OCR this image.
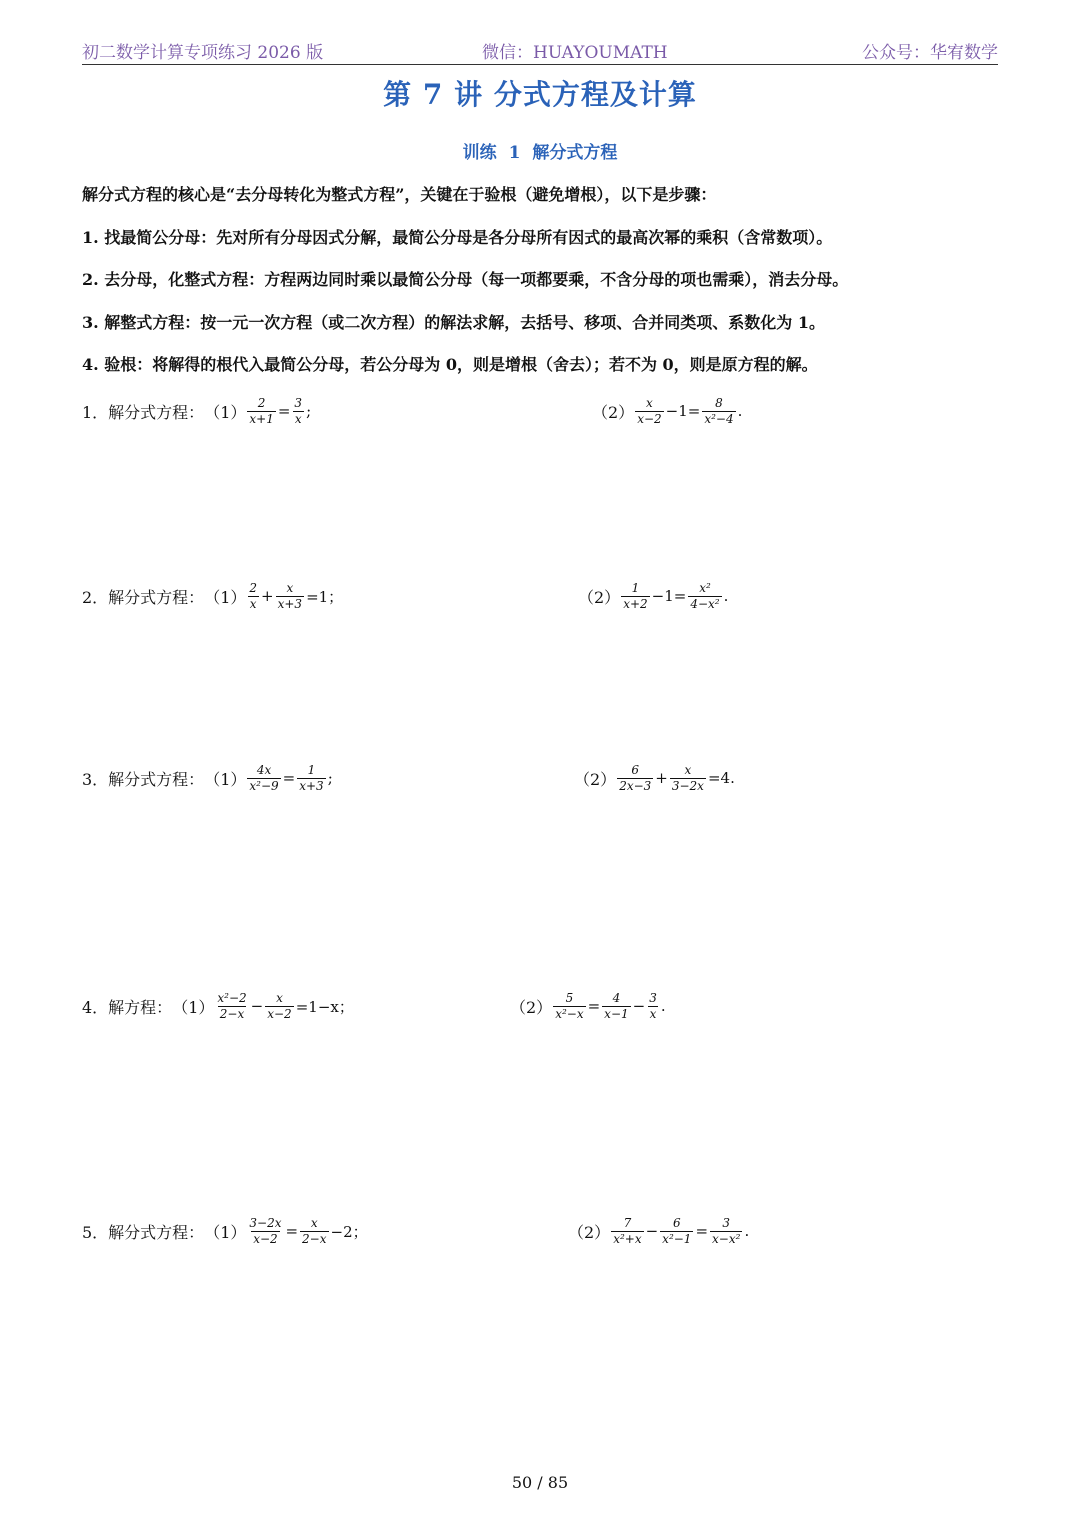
初二数学计算专项练习 2026 版	微信：HUAYOUMATH	公众号：华宥数学
第 7 讲 分式方程及计算
训练 1 解分式方程
解分式方程的核心是“去分母转化为整式方程”，关键在于验根（避免增根），以下是步骤：
1. 找最简公分母：先对所有分母因式分解，最简公分母是各分母所有因式的最高次幂的乘积（含常数项）。
2. 去分母，化整式方程：方程两边同时乘以最简公分母（每一项都要乘，不含分母的项也需乘），消去分母。
3. 解整式方程：按一元一次方程（或二次方程）的解法求解，去括号、移项、合并同类项、系数化为 1。
4. 验根：将解得的根代入最简公分母，若公分母为 0，则是增根（舍去）；若不为 0，则是原方程的解。
1．解分式方程： $(1) \frac{2}{x+1} = \frac{3}{x}$ ;	$(2) \frac{x}{x-2} -1= \frac{8}{\text{x²−4}}$ .
2．解分式方程： $(1) \frac{2}{x} + \frac{x}{x+3} =1$；	$(2) \frac{1}{x+2} -1= \frac{\text{x²}}{\text{4−x²}}$ .
3．解分式方程： $(1) \frac{4x}{\text{x²−9}} = \frac{1}{x+3}$ ;	$(2) \frac{6}{2x-3} + \frac{x}{3-2x} =4$.
4．解方程： $(1) \frac{\text{x²−2}}{2-x} - \frac{x}{x-2} =1-x$；	$(2) \frac{5}{\text{x²−x}} = \frac{4}{x-1} - \frac{3}{x}$ .
5．解分式方程： $(1) \frac{3-2x}{x-2} = \frac{x}{2-x} -2$；	$(2) \frac{7}{\text{x²+x}} - \frac{6}{\text{x²−1}} = \frac{3}{\text{x−x²}}$ .
50 / 85
